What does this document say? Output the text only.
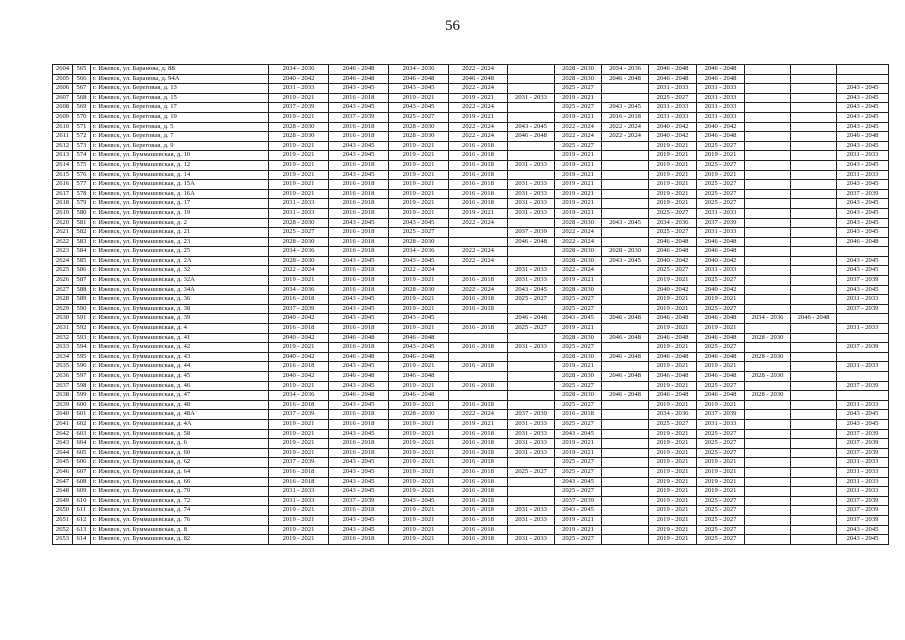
56
2604	565	г. Ижевск, ул. Баранова, д. 88	2034 - 2036	2046 - 2048	2034 - 2036	2022 - 2024		2028 - 2030	2034 - 2036	2046 - 2048	2046 - 2048			
2605	566	г. Ижевск, ул. Баранова, д. 94А	2040 - 2042	2046 - 2048	2046 - 2048	2046 - 2048		2028 - 2030	2046 - 2048	2046 - 2048	2046 - 2048			
2606	567	г. Ижевск, ул. Береговая, д. 13	2031 - 2033	2043 - 2045	2043 - 2045	2022 - 2024		2025 - 2027		2031 - 2033	2031 - 2033			2043 - 2045
2607	568	г. Ижевск, ул. Береговая, д. 15	2019 - 2021	2016 - 2018	2019 - 2021	2019 - 2021	2031 - 2033	2019 - 2021		2025 - 2027	2031 - 2033			2043 - 2045
2608	569	г. Ижевск, ул. Береговая, д. 17	2037 - 2039	2043 - 2045	2043 - 2045	2022 - 2024		2025 - 2027	2043 - 2045	2031 - 2033	2031 - 2033			2043 - 2045
2609	570	г. Ижевск, ул. Береговая, д. 19	2019 - 2021	2037 - 2039	2025 - 2027	2019 - 2021		2019 - 2021	2016 - 2018	2031 - 2033	2031 - 2033			2043 - 2045
2610	571	г. Ижевск, ул. Береговая, д. 5	2028 - 2030	2016 - 2018	2028 - 2030	2022 - 2024	2043 - 2045	2022 - 2024	2022 - 2024	2040 - 2042	2040 - 2042			2043 - 2045
2611	572	г. Ижевск, ул. Береговая, д. 7	2028 - 2030	2016 - 2018	2028 - 2030	2022 - 2024	2046 - 2048	2022 - 2024	2022 - 2024	2040 - 2042	2046 - 2048			2046 - 2048
2612	573	г. Ижевск, ул. Береговая, д. 9	2019 - 2021	2043 - 2045	2019 - 2021	2016 - 2018		2025 - 2027		2019 - 2021	2025 - 2027			2043 - 2045
2613	574	г. Ижевск, ул. Буммашевская, д. 10	2019 - 2021	2043 - 2045	2019 - 2021	2016 - 2018		2019 - 2021		2019 - 2021	2019 - 2021			2031 - 2033
2614	575	г. Ижевск, ул. Буммашевская, д. 12	2019 - 2021	2016 - 2018	2019 - 2021	2016 - 2018	2031 - 2033	2019 - 2021		2019 - 2021	2025 - 2027			2043 - 2045
2615	576	г. Ижевск, ул. Буммашевская, д. 14	2019 - 2021	2043 - 2045	2019 - 2021	2016 - 2018		2019 - 2021		2019 - 2021	2019 - 2021			2031 - 2033
2616	577	г. Ижевск, ул. Буммашевская, д. 15А	2019 - 2021	2016 - 2018	2019 - 2021	2016 - 2018	2031 - 2033	2019 - 2021		2019 - 2021	2025 - 2027			2043 - 2045
2617	578	г. Ижевск, ул. Буммашевская, д. 16А	2019 - 2021	2016 - 2018	2019 - 2021	2016 - 2018	2031 - 2033	2019 - 2021		2019 - 2021	2025 - 2027			2037 - 2039
2618	579	г. Ижевск, ул. Буммашевская, д. 17	2031 - 2033	2016 - 2018	2019 - 2021	2016 - 2018	2031 - 2033	2019 - 2021		2019 - 2021	2025 - 2027			2043 - 2045
2619	580	г. Ижевск, ул. Буммашевская, д. 19	2031 - 2033	2016 - 2018	2019 - 2021	2019 - 2021	2031 - 2033	2019 - 2021		2025 - 2027	2031 - 2033			2043 - 2045
2620	581	г. Ижевск, ул. Буммашевская, д. 2	2028 - 2030	2043 - 2045	2043 - 2045	2022 - 2024		2028 - 2030	2043 - 2045	2034 - 2036	2037 - 2039			2043 - 2045
2621	582	г. Ижевск, ул. Буммашевская, д. 21	2025 - 2027	2016 - 2018	2025 - 2027		2037 - 2039	2022 - 2024		2025 - 2027	2031 - 2033			2043 - 2045
2622	583	г. Ижевск, ул. Буммашевская, д. 23	2028 - 2030	2016 - 2018	2028 - 2030		2046 - 2048	2022 - 2024		2046 - 2048	2046 - 2048			2046 - 2048
2623	584	г. Ижевск, ул. Буммашевская, д. 25	2034 - 2036	2016 - 2018	2034 - 2036	2022 - 2024		2028 - 2030	2028 - 2030	2046 - 2048	2046 - 2048			
2624	585	г. Ижевск, ул. Буммашевская, д. 2А	2028 - 2030	2043 - 2045	2043 - 2045	2022 - 2024		2028 - 2030	2043 - 2045	2040 - 2042	2040 - 2042			2043 - 2045
2625	586	г. Ижевск, ул. Буммашевская, д. 32	2022 - 2024	2016 - 2018	2022 - 2024		2031 - 2033	2022 - 2024		2025 - 2027	2031 - 2033			2043 - 2045
2626	587	г. Ижевск, ул. Буммашевская, д. 32А	2019 - 2021	2016 - 2018	2019 - 2021	2016 - 2018	2031 - 2033	2019 - 2021		2019 - 2021	2025 - 2027			2037 - 2039
2627	588	г. Ижевск, ул. Буммашевская, д. 34А	2034 - 2036	2016 - 2018	2028 - 2030	2022 - 2024	2043 - 2045	2028 - 2030		2040 - 2042	2040 - 2042			2043 - 2045
2628	589	г. Ижевск, ул. Буммашевская, д. 36	2016 - 2018	2043 - 2045	2019 - 2021	2016 - 2018	2025 - 2027	2025 - 2027		2019 - 2021	2019 - 2021			2031 - 2033
2629	590	г. Ижевск, ул. Буммашевская, д. 38	2037 - 2039	2043 - 2045	2019 - 2021	2016 - 2018		2025 - 2027		2019 - 2021	2025 - 2027			2037 - 2039
2630	591	г. Ижевск, ул. Буммашевская, д. 39	2040 - 2042	2043 - 2045	2043 - 2045		2046 - 2048	2043 - 2045	2046 - 2048	2046 - 2048	2046 - 2048	2034 - 2036	2046 - 2048	
2631	592	г. Ижевск, ул. Буммашевская, д. 4	2016 - 2018	2016 - 2018	2019 - 2021	2016 - 2018	2025 - 2027	2019 - 2021		2019 - 2021	2019 - 2021			2031 - 2033
2632	593	г. Ижевск, ул. Буммашевская, д. 41	2040 - 2042	2046 - 2048	2046 - 2048			2028 - 2030	2046 - 2048	2046 - 2048	2046 - 2048	2028 - 2030		
2633	594	г. Ижевск, ул. Буммашевская, д. 42	2019 - 2021	2016 - 2018	2043 - 2045	2016 - 2018	2031 - 2033	2025 - 2027		2019 - 2021	2025 - 2027			2037 - 2039
2634	595	г. Ижевск, ул. Буммашевская, д. 43	2040 - 2042	2046 - 2048	2046 - 2048			2028 - 2030	2046 - 2048	2046 - 2048	2046 - 2048	2028 - 2030		
2635	596	г. Ижевск, ул. Буммашевская, д. 44	2016 - 2018	2043 - 2045	2019 - 2021	2016 - 2018		2019 - 2021		2019 - 2021	2019 - 2021			2031 - 2033
2636	597	г. Ижевск, ул. Буммашевская, д. 45	2040 - 2042	2046 - 2048	2046 - 2048			2028 - 2030	2046 - 2048	2046 - 2048	2046 - 2048	2028 - 2030		
2637	598	г. Ижевск, ул. Буммашевская, д. 46	2019 - 2021	2043 - 2045	2019 - 2021	2016 - 2018		2025 - 2027		2019 - 2021	2025 - 2027			2037 - 2039
2638	599	г. Ижевск, ул. Буммашевская, д. 47	2034 - 2036	2046 - 2048	2046 - 2048			2028 - 2030	2046 - 2048	2046 - 2048	2046 - 2048	2028 - 2030		
2639	600	г. Ижевск, ул. Буммашевская, д. 48	2016 - 2018	2043 - 2045	2019 - 2021	2016 - 2018		2025 - 2027		2019 - 2021	2019 - 2021			2031 - 2033
2640	601	г. Ижевск, ул. Буммашевская, д. 48А	2037 - 2039	2016 - 2018	2028 - 2030	2022 - 2024	2037 - 2039	2016 - 2018		2034 - 2036	2037 - 2039			2043 - 2045
2641	602	г. Ижевск, ул. Буммашевская, д. 4А	2019 - 2021	2016 - 2018	2019 - 2021	2019 - 2021	2031 - 2033	2025 - 2027		2025 - 2027	2031 - 2033			2043 - 2045
2642	603	г. Ижевск, ул. Буммашевская, д. 58	2019 - 2021	2043 - 2045	2019 - 2021	2016 - 2018	2031 - 2033	2043 - 2045		2019 - 2021	2025 - 2027			2037 - 2039
2643	604	г. Ижевск, ул. Буммашевская, д. 6	2019 - 2021	2016 - 2018	2019 - 2021	2016 - 2018	2031 - 2033	2019 - 2021		2019 - 2021	2025 - 2027			2037 - 2039
2644	605	г. Ижевск, ул. Буммашевская, д. 60	2019 - 2021	2016 - 2018	2019 - 2021	2016 - 2018	2031 - 2033	2019 - 2021		2019 - 2021	2025 - 2027			2037 - 2039
2645	606	г. Ижевск, ул. Буммашевская, д. 62	2037 - 2039	2043 - 2045	2019 - 2021	2016 - 2018		2025 - 2027		2019 - 2021	2019 - 2021			2031 - 2033
2646	607	г. Ижевск, ул. Буммашевская, д. 64	2016 - 2018	2043 - 2045	2019 - 2021	2016 - 2018	2025 - 2027	2025 - 2027		2019 - 2021	2019 - 2021			2031 - 2033
2647	608	г. Ижевск, ул. Буммашевская, д. 66	2016 - 2018	2043 - 2045	2019 - 2021	2016 - 2018		2043 - 2045		2019 - 2021	2019 - 2021			2031 - 2033
2648	609	г. Ижевск, ул. Буммашевская, д. 70	2031 - 2033	2043 - 2045	2019 - 2021	2016 - 2018		2025 - 2027		2019 - 2021	2019 - 2021			2031 - 2033
2649	610	г. Ижевск, ул. Буммашевская, д. 72	2031 - 2033	2037 - 2039	2043 - 2045	2016 - 2018		2037 - 2039		2019 - 2021	2025 - 2027			2037 - 2039
2650	611	г. Ижевск, ул. Буммашевская, д. 74	2019 - 2021	2016 - 2018	2019 - 2021	2016 - 2018	2031 - 2033	2043 - 2045		2019 - 2021	2025 - 2027			2037 - 2039
2651	612	г. Ижевск, ул. Буммашевская, д. 76	2019 - 2021	2043 - 2045	2019 - 2021	2016 - 2018	2031 - 2033	2019 - 2021		2019 - 2021	2025 - 2027			2037 - 2039
2652	613	г. Ижевск, ул. Буммашевская, д. 8	2019 - 2021	2043 - 2045	2019 - 2021	2016 - 2018		2019 - 2021		2019 - 2021	2025 - 2027			2043 - 2045
2653	614	г. Ижевск, ул. Буммашевская, д. 82	2019 - 2021	2016 - 2018	2019 - 2021	2016 - 2018	2031 - 2033	2025 - 2027		2019 - 2021	2025 - 2027			2043 - 2045
